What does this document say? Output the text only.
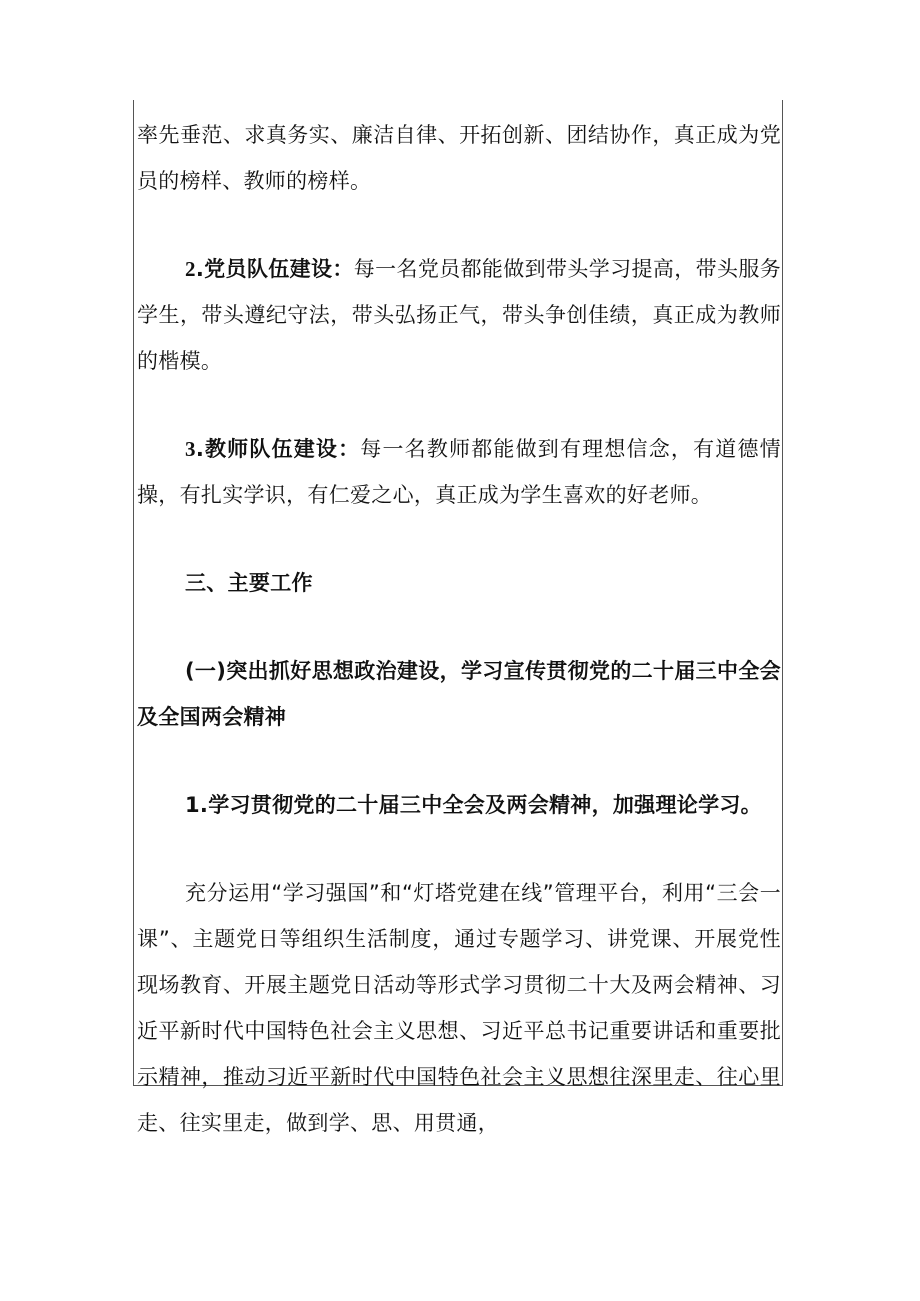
率先垂范、求真务实、廉洁自律、开拓创新、团结协作，真正成为党员的榜样、教师的榜样。

2.党员队伍建设：每一名党员都能做到带头学习提高，带头服务学生，带头遵纪守法，带头弘扬正气，带头争创佳绩，真正成为教师的楷模。

3.教师队伍建设：每一名教师都能做到有理想信念，有道德情操，有扎实学识，有仁爱之心，真正成为学生喜欢的好老师。

三、主要工作

(一)突出抓好思想政治建设，学习宣传贯彻党的二十届三中全会及全国两会精神

1.学习贯彻党的二十届三中全会及两会精神，加强理论学习。

充分运用“学习强国”和“灯塔党建在线”管理平台，利用“三会一课”、主题党日等组织生活制度，通过专题学习、讲党课、开展党性现场教育、开展主题党日活动等形式学习贯彻二十大及两会精神、习近平新时代中国特色社会主义思想、习近平总书记重要讲话和重要批示精神，推动习近平新时代中国特色社会主义思想往深里走、往心里走、往实里走，做到学、思、用贯通，
